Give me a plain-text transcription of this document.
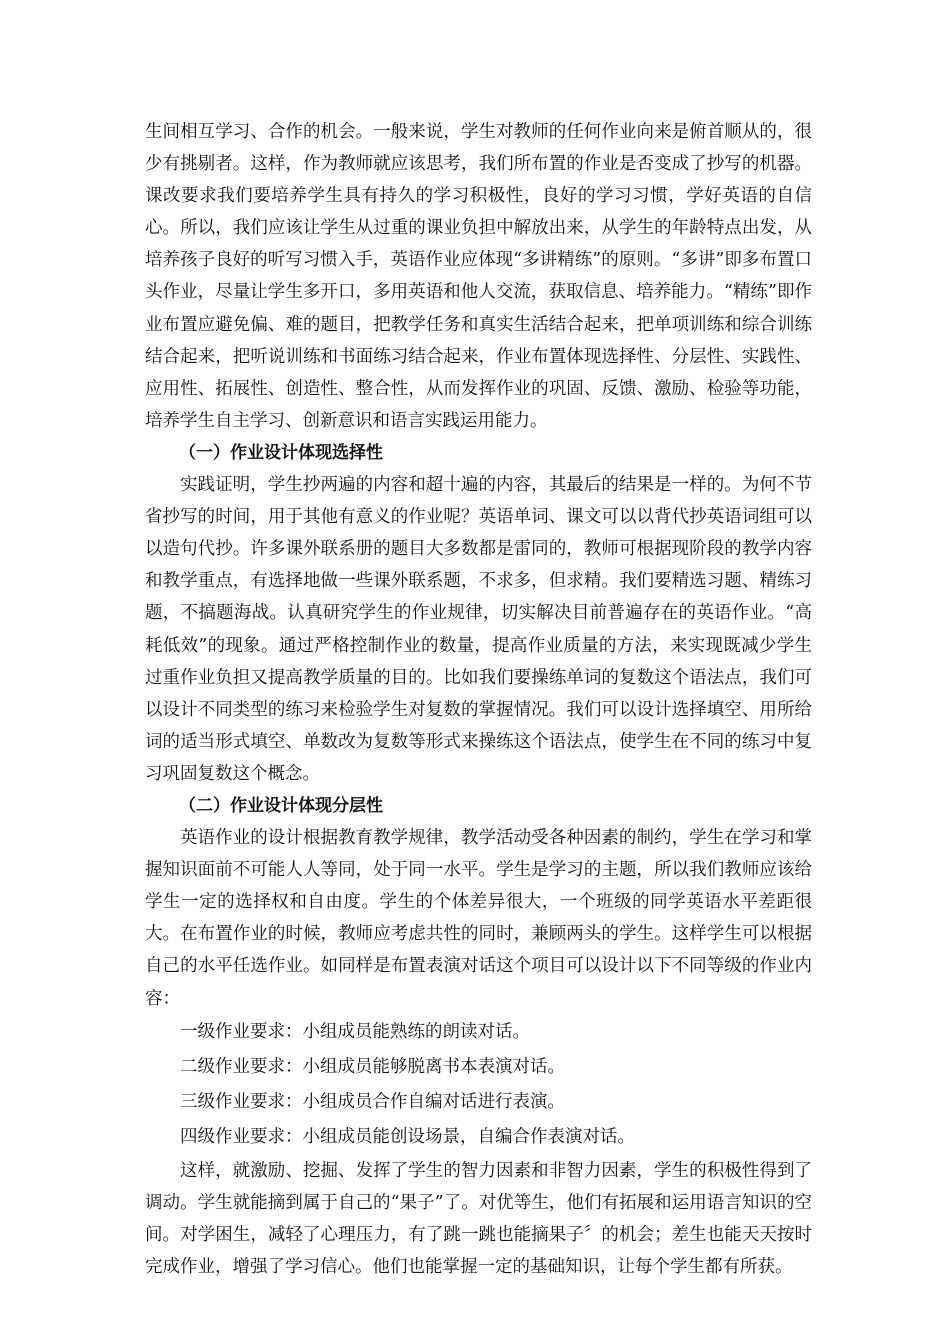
生间相互学习、合作的机会。一般来说，学生对教师的任何作业向来是俯首顺从的，很少有挑剔者。这样，作为教师就应该思考，我们所布置的作业是否变成了抄写的机器。课改要求我们要培养学生具有持久的学习积极性，良好的学习习惯，学好英语的自信心。所以，我们应该让学生从过重的课业负担中解放出来，从学生的年龄特点出发，从培养孩子良好的听写习惯入手，英语作业应体现“多讲精练”的原则。“多讲”即多布置口头作业，尽量让学生多开口，多用英语和他人交流，获取信息、培养能力。“精练”即作业布置应避免偏、难的题目，把教学任务和真实生活结合起来，把单项训练和综合训练结合起来，把听说训练和书面练习结合起来，作业布置体现选择性、分层性、实践性、应用性、拓展性、创造性、整合性，从而发挥作业的巩固、反馈、激励、检验等功能，培养学生自主学习、创新意识和语言实践运用能力。

（一）作业设计体现选择性

实践证明，学生抄两遍的内容和超十遍的内容，其最后的结果是一样的。为何不节省抄写的时间，用于其他有意义的作业呢？英语单词、课文可以以背代抄英语词组可以以造句代抄。许多课外联系册的题目大多数都是雷同的，教师可根据现阶段的教学内容和教学重点，有选择地做一些课外联系题，不求多，但求精。我们要精选习题、精练习题，不搞题海战。认真研究学生的作业规律，切实解决目前普遍存在的英语作业。“高耗低效”的现象。通过严格控制作业的数量，提高作业质量的方法，来实现既减少学生过重作业负担又提高教学质量的目的。比如我们要操练单词的复数这个语法点，我们可以设计不同类型的练习来检验学生对复数的掌握情况。我们可以设计选择填空、用所给词的适当形式填空、单数改为复数等形式来操练这个语法点，使学生在不同的练习中复习巩固复数这个概念。

（二）作业设计体现分层性

英语作业的设计根据教育教学规律，教学活动受各种因素的制约，学生在学习和掌握知识面前不可能人人等同，处于同一水平。学生是学习的主题，所以我们教师应该给学生一定的选择权和自由度。学生的个体差异很大，一个班级的同学英语水平差距很大。在布置作业的时候，教师应考虑共性的同时，兼顾两头的学生。这样学生可以根据自己的水平任选作业。如同样是布置表演对话这个项目可以设计以下不同等级的作业内容：

一级作业要求：小组成员能熟练的朗读对话。
二级作业要求：小组成员能够脱离书本表演对话。
三级作业要求：小组成员合作自编对话进行表演。
四级作业要求：小组成员能创设场景，自编合作表演对话。

这样，就激励、挖掘、发挥了学生的智力因素和非智力因素，学生的积极性得到了调动。学生就能摘到属于自己的“果子”了。对优等生，他们有拓展和运用语言知识的空间。对学困生，减轻了心理压力，有了跳一跳也能摘果子〞的机会；差生也能天天按时完成作业，增强了学习信心。他们也能掌握一定的基础知识，让每个学生都有所获。
